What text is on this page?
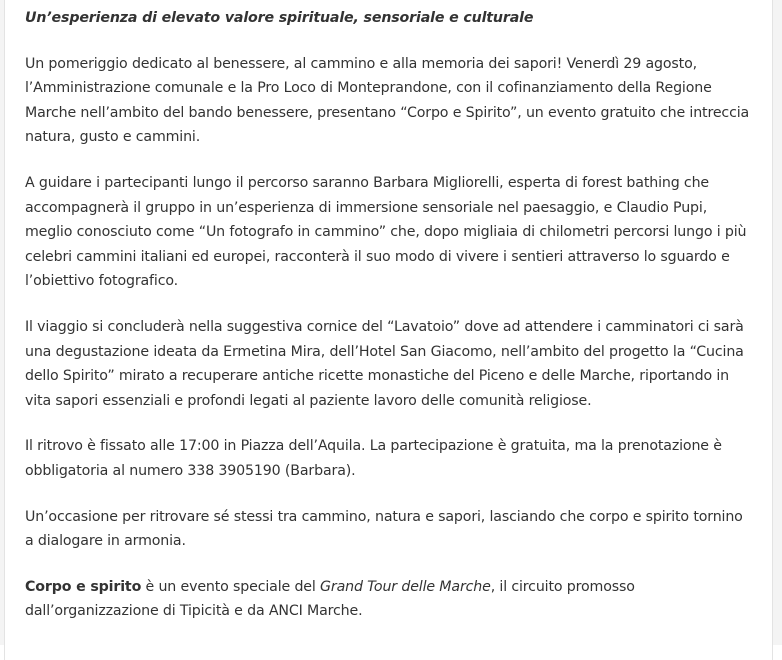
Un’esperienza di elevato valore spirituale, sensoriale e culturale

Un pomeriggio dedicato al benessere, al cammino e alla memoria dei sapori! Venerdì 29 agosto, l’Amministrazione comunale e la Pro Loco di Monteprandone, con il cofinanziamento della Regione Marche nell’ambito del bando benessere, presentano “Corpo e Spirito”, un evento gratuito che intreccia natura, gusto e cammini.

A guidare i partecipanti lungo il percorso saranno Barbara Migliorelli, esperta di forest bathing che accompagnerà il gruppo in un’esperienza di immersione sensoriale nel paesaggio, e Claudio Pupi, meglio conosciuto come “Un fotografo in cammino” che, dopo migliaia di chilometri percorsi lungo i più celebri cammini italiani ed europei, racconterà il suo modo di vivere i sentieri attraverso lo sguardo e l’obiettivo fotografico.

Il viaggio si concluderà nella suggestiva cornice del “Lavatoio” dove ad attendere i camminatori ci sarà una degustazione ideata da Ermetina Mira, dell’Hotel San Giacomo, nell’ambito del progetto la “Cucina dello Spirito” mirato a recuperare antiche ricette monastiche del Piceno e delle Marche, riportando in vita sapori essenziali e profondi legati al paziente lavoro delle comunità religiose.

Il ritrovo è fissato alle 17:00 in Piazza dell’Aquila. La partecipazione è gratuita, ma la prenotazione è obbligatoria al numero 338 3905190 (Barbara).

Un’occasione per ritrovare sé stessi tra cammino, natura e sapori, lasciando che corpo e spirito tornino a dialogare in armonia.

Corpo e spirito è un evento speciale del Grand Tour delle Marche, il circuito promosso dall’organizzazione di Tipicità e da ANCI Marche.
